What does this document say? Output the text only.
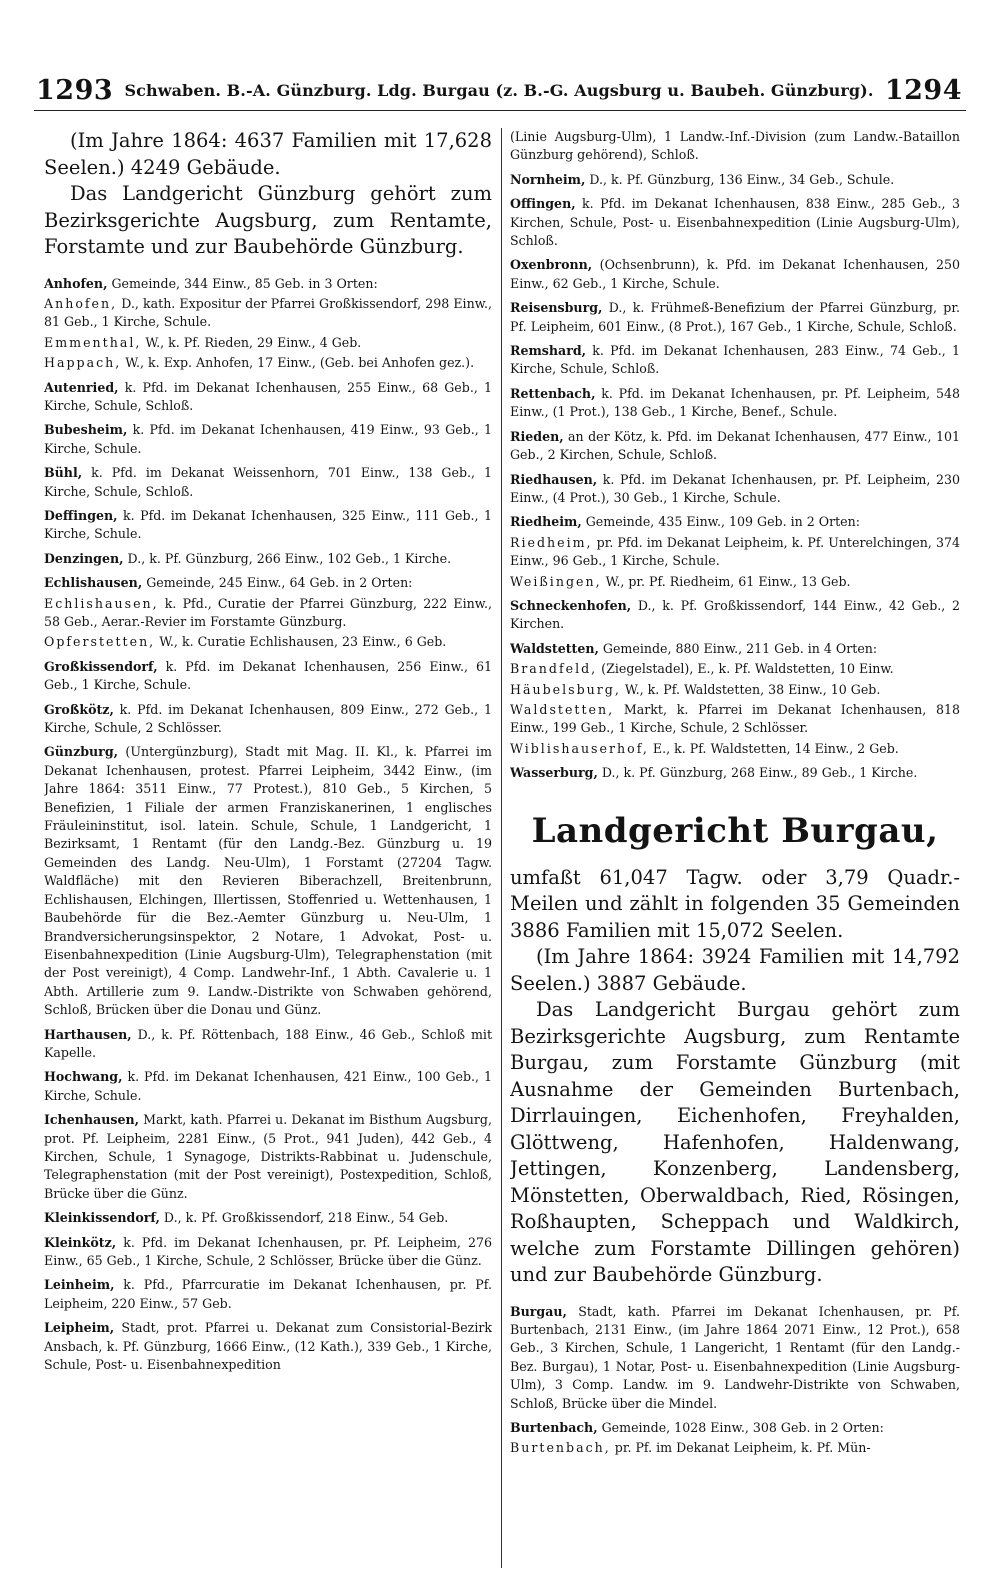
1293 Schwaben. B.-A. Günzburg. Ldg. Burgau (z. B.-G. Augsburg u. Baubeh. Günzburg). 1294

(Im Jahre 1864: 4637 Familien mit 17,628 Seelen.) 4249 Gebäude.

Das Landgericht Günzburg gehört zum Bezirksgerichte Augsburg, zum Rentamte, Forstamte und zur Baubehörde Günzburg.

Anhofen, Gemeinde, 344 Einw., 85 Geb. in 3 Orten:

Anhofen, D., kath. Expositur der Pfarrei Großkissendorf, 298 Einw., 81 Geb., 1 Kirche, Schule.

Emmenthal, W., k. Pf. Rieden, 29 Einw., 4 Geb.

Happach, W., k. Exp. Anhofen, 17 Einw., (Geb. bei Anhofen gez.).

Autenried, k. Pfd. im Dekanat Ichenhausen, 255 Einw., 68 Geb., 1 Kirche, Schule, Schloß.

Bubesheim, k. Pfd. im Dekanat Ichenhausen, 419 Einw., 93 Geb., 1 Kirche, Schule.

Bühl, k. Pfd. im Dekanat Weissenhorn, 701 Einw., 138 Geb., 1 Kirche, Schule, Schloß.

Deffingen, k. Pfd. im Dekanat Ichenhausen, 325 Einw., 111 Geb., 1 Kirche, Schule.

Denzingen, D., k. Pf. Günzburg, 266 Einw., 102 Geb., 1 Kirche.

Echlishausen, Gemeinde, 245 Einw., 64 Geb. in 2 Orten:

Echlishausen, k. Pfd., Curatie der Pfarrei Günzburg, 222 Einw., 58 Geb., Aerar.-Revier im Forstamte Günzburg.

Opferstetten, W., k. Curatie Echlishausen, 23 Einw., 6 Geb.

Großkissendorf, k. Pfd. im Dekanat Ichenhausen, 256 Einw., 61 Geb., 1 Kirche, Schule.

Großkötz, k. Pfd. im Dekanat Ichenhausen, 809 Einw., 272 Geb., 1 Kirche, Schule, 2 Schlösser.

Günzburg, (Untergünzburg), Stadt mit Mag. II. Kl., k. Pfarrei im Dekanat Ichenhausen, protest. Pfarrei Leipheim, 3442 Einw., (im Jahre 1864: 3511 Einw., 77 Protest.), 810 Geb., 5 Kirchen, 5 Benefizien, 1 Filiale der armen Franziskanerinen, 1 englisches Fräuleininstitut, isol. latein. Schule, Schule, 1 Landgericht, 1 Bezirksamt, 1 Rentamt (für den Landg.-Bez. Günzburg u. 19 Gemeinden des Landg. Neu-Ulm), 1 Forstamt (27204 Tagw. Waldfläche) mit den Revieren Biberachzell, Breitenbrunn, Echlishausen, Elchingen, Illertissen, Stoffenried u. Wettenhausen, 1 Baubehörde für die Bez.-Aemter Günzburg u. Neu-Ulm, 1 Brandversicherungsinspektor, 2 Notare, 1 Advokat, Post- u. Eisenbahnexpedition (Linie Augsburg-Ulm), Telegraphenstation (mit der Post vereinigt), 4 Comp. Landwehr-Inf., 1 Abth. Cavalerie u. 1 Abth. Artillerie zum 9. Landw.-Distrikte von Schwaben gehörend, Schloß, Brücken über die Donau und Günz.

Harthausen, D., k. Pf. Röttenbach, 188 Einw., 46 Geb., Schloß mit Kapelle.

Hochwang, k. Pfd. im Dekanat Ichenhausen, 421 Einw., 100 Geb., 1 Kirche, Schule.

Ichenhausen, Markt, kath. Pfarrei u. Dekanat im Bisthum Augsburg, prot. Pf. Leipheim, 2281 Einw., (5 Prot., 941 Juden), 442 Geb., 4 Kirchen, Schule, 1 Synagoge, Distrikts-Rabbinat u. Judenschule, Telegraphenstation (mit der Post vereinigt), Postexpedition, Schloß, Brücke über die Günz.

Kleinkissendorf, D., k. Pf. Großkissendorf, 218 Einw., 54 Geb.

Kleinkötz, k. Pfd. im Dekanat Ichenhausen, pr. Pf. Leipheim, 276 Einw., 65 Geb., 1 Kirche, Schule, 2 Schlösser, Brücke über die Günz.

Leinheim, k. Pfd., Pfarrcuratie im Dekanat Ichenhausen, pr. Pf. Leipheim, 220 Einw., 57 Geb.

Leipheim, Stadt, prot. Pfarrei u. Dekanat zum Consistorial-Bezirk Ansbach, k. Pf. Günzburg, 1666 Einw., (12 Kath.), 339 Geb., 1 Kirche, Schule, Post- u. Eisenbahnexpedition

(Linie Augsburg-Ulm), 1 Landw.-Inf.-Division (zum Landw.-Bataillon Günzburg gehörend), Schloß.

Nornheim, D., k. Pf. Günzburg, 136 Einw., 34 Geb., Schule.

Offingen, k. Pfd. im Dekanat Ichenhausen, 838 Einw., 285 Geb., 3 Kirchen, Schule, Post- u. Eisenbahnexpedition (Linie Augsburg-Ulm), Schloß.

Oxenbronn, (Ochsenbrunn), k. Pfd. im Dekanat Ichenhausen, 250 Einw., 62 Geb., 1 Kirche, Schule.

Reisensburg, D., k. Frühmeß-Benefizium der Pfarrei Günzburg, pr. Pf. Leipheim, 601 Einw., (8 Prot.), 167 Geb., 1 Kirche, Schule, Schloß.

Remshard, k. Pfd. im Dekanat Ichenhausen, 283 Einw., 74 Geb., 1 Kirche, Schule, Schloß.

Rettenbach, k. Pfd. im Dekanat Ichenhausen, pr. Pf. Leipheim, 548 Einw., (1 Prot.), 138 Geb., 1 Kirche, Benef., Schule.

Rieden, an der Kötz, k. Pfd. im Dekanat Ichenhausen, 477 Einw., 101 Geb., 2 Kirchen, Schule, Schloß.

Riedhausen, k. Pfd. im Dekanat Ichenhausen, pr. Pf. Leipheim, 230 Einw., (4 Prot.), 30 Geb., 1 Kirche, Schule.

Riedheim, Gemeinde, 435 Einw., 109 Geb. in 2 Orten:

Riedheim, pr. Pfd. im Dekanat Leipheim, k. Pf. Unterelchingen, 374 Einw., 96 Geb., 1 Kirche, Schule.

Weißingen, W., pr. Pf. Riedheim, 61 Einw., 13 Geb.

Schneckenhofen, D., k. Pf. Großkissendorf, 144 Einw., 42 Geb., 2 Kirchen.

Waldstetten, Gemeinde, 880 Einw., 211 Geb. in 4 Orten:

Brandfeld, (Ziegelstadel), E., k. Pf. Waldstetten, 10 Einw.

Häubelsburg, W., k. Pf. Waldstetten, 38 Einw., 10 Geb.

Waldstetten, Markt, k. Pfarrei im Dekanat Ichenhausen, 818 Einw., 199 Geb., 1 Kirche, Schule, 2 Schlösser.

Wiblishauserhof, E., k. Pf. Waldstetten, 14 Einw., 2 Geb.

Wasserburg, D., k. Pf. Günzburg, 268 Einw., 89 Geb., 1 Kirche.

Landgericht Burgau,

umfaßt 61,047 Tagw. oder 3,79 Quadr.-Meilen und zählt in folgenden 35 Gemeinden 3886 Familien mit 15,072 Seelen.

(Im Jahre 1864: 3924 Familien mit 14,792 Seelen.) 3887 Gebäude.

Das Landgericht Burgau gehört zum Bezirksgerichte Augsburg, zum Rentamte Burgau, zum Forstamte Günzburg (mit Ausnahme der Gemeinden Burtenbach, Dirrlauingen, Eichenhofen, Freyhalden, Glöttweng, Hafenhofen, Haldenwang, Jettingen, Konzenberg, Landensberg, Mönstetten, Oberwaldbach, Ried, Rösingen, Roßhaupten, Scheppach und Waldkirch, welche zum Forstamte Dillingen gehören) und zur Baubehörde Günzburg.

Burgau, Stadt, kath. Pfarrei im Dekanat Ichenhausen, pr. Pf. Burtenbach, 2131 Einw., (im Jahre 1864 2071 Einw., 12 Prot.), 658 Geb., 3 Kirchen, Schule, 1 Langericht, 1 Rentamt (für den Landg.-Bez. Burgau), 1 Notar, Post- u. Eisenbahnexpedition (Linie Augsburg-Ulm), 3 Comp. Landw. im 9. Landwehr-Distrikte von Schwaben, Schloß, Brücke über die Mindel.

Burtenbach, Gemeinde, 1028 Einw., 308 Geb. in 2 Orten:

Burtenbach, pr. Pf. im Dekanat Leipheim, k. Pf. Mün-
